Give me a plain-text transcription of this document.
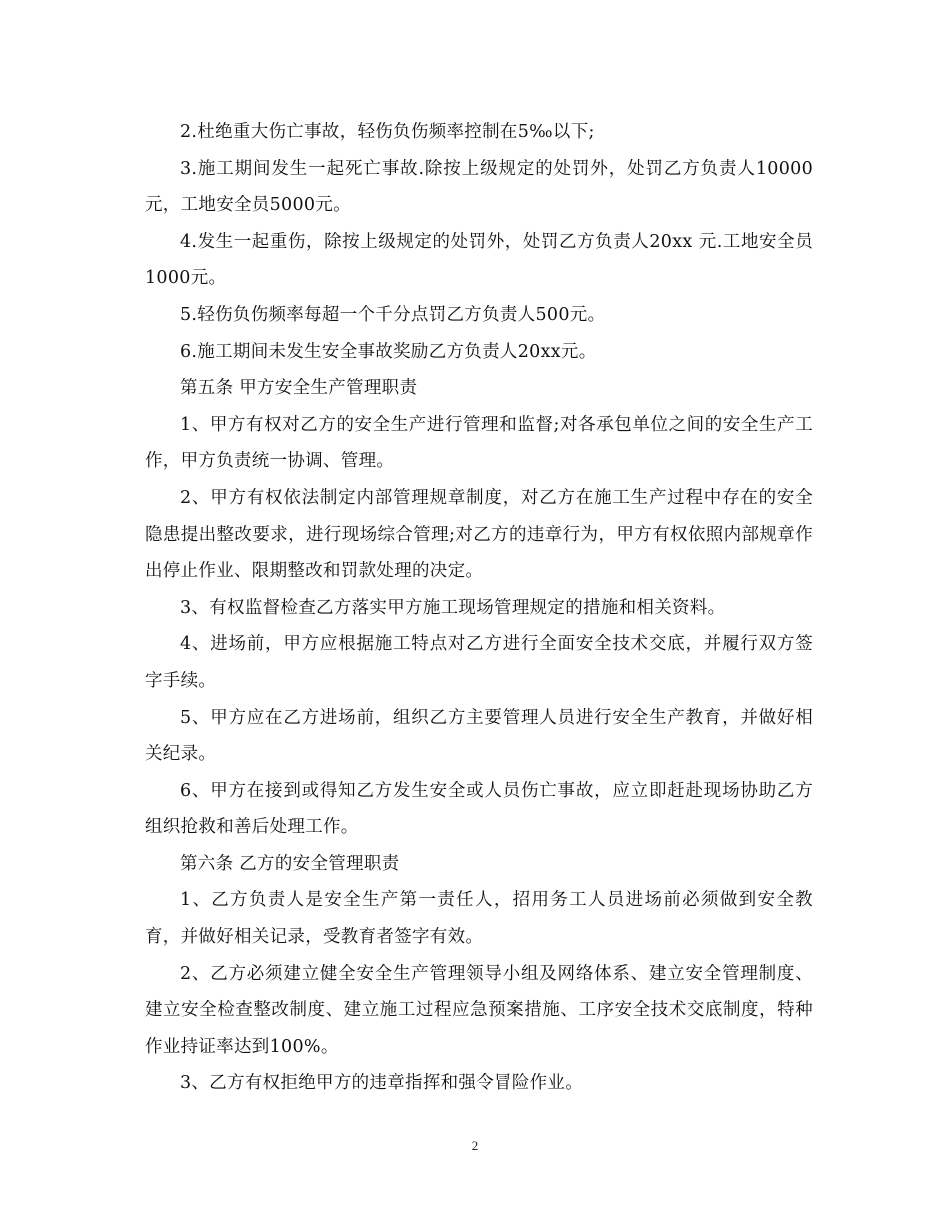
2.杜绝重大伤亡事故，轻伤负伤频率控制在5‰以下;

3.施工期间发生一起死亡事故.除按上级规定的处罚外，处罚乙方负责人10000元，工地安全员5000元。

4.发生一起重伤，除按上级规定的处罚外，处罚乙方负责人20xx 元.工地安全员1000元。

5.轻伤负伤频率每超一个千分点罚乙方负责人500元。

6.施工期间未发生安全事故奖励乙方负责人20xx元。

第五条 甲方安全生产管理职责

1、甲方有权对乙方的安全生产进行管理和监督;对各承包单位之间的安全生产工作，甲方负责统一协调、管理。

2、甲方有权依法制定内部管理规章制度，对乙方在施工生产过程中存在的安全隐患提出整改要求，进行现场综合管理;对乙方的违章行为，甲方有权依照内部规章作出停止作业、限期整改和罚款处理的决定。

3、有权监督检查乙方落实甲方施工现场管理规定的措施和相关资料。

4、进场前，甲方应根据施工特点对乙方进行全面安全技术交底，并履行双方签字手续。

5、甲方应在乙方进场前，组织乙方主要管理人员进行安全生产教育，并做好相关纪录。

6、甲方在接到或得知乙方发生安全或人员伤亡事故，应立即赶赴现场协助乙方组织抢救和善后处理工作。

第六条 乙方的安全管理职责

1、乙方负责人是安全生产第一责任人，招用务工人员进场前必须做到安全教育，并做好相关记录，受教育者签字有效。

2、乙方必须建立健全安全生产管理领导小组及网络体系、建立安全管理制度、建立安全检查整改制度、建立施工过程应急预案措施、工序安全技术交底制度，特种作业持证率达到100%。

3、乙方有权拒绝甲方的违章指挥和强令冒险作业。

2
